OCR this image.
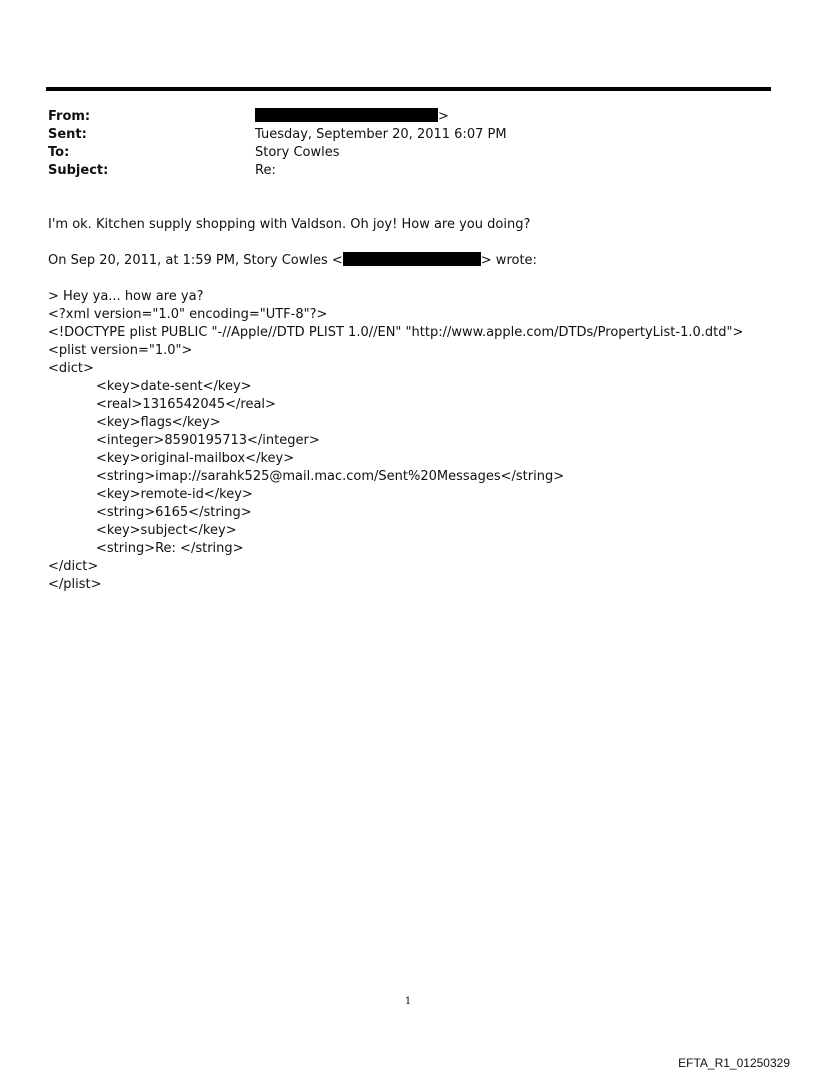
From:	>
Sent:	Tuesday, September 20, 2011 6:07 PM
To:	Story Cowles
Subject:	Re:
I'm ok. Kitchen supply shopping with Valdson. Oh joy! How are you doing?
On Sep 20, 2011, at 1:59 PM, Story Cowles <	> wrote:
> Hey ya... how are ya?
<?xml version="1.0" encoding="UTF-8"?>
<!DOCTYPE plist PUBLIC "-//Apple//DTD PLIST 1.0//EN" "http://www.apple.com/DTDs/PropertyList-1.0.dtd">
<plist version="1.0">
<dict>
<key>date-sent</key>
<real>1316542045</real>
<key>flags</key>
<integer>8590195713</integer>
<key>original-mailbox</key>
<string>imap://sarahk525@mail.mac.com/Sent%20Messages</string>
<key>remote-id</key>
<string>6165</string>
<key>subject</key>
<string>Re: </string>
</dict>
</plist>
1
EFTA_R1_01250329
